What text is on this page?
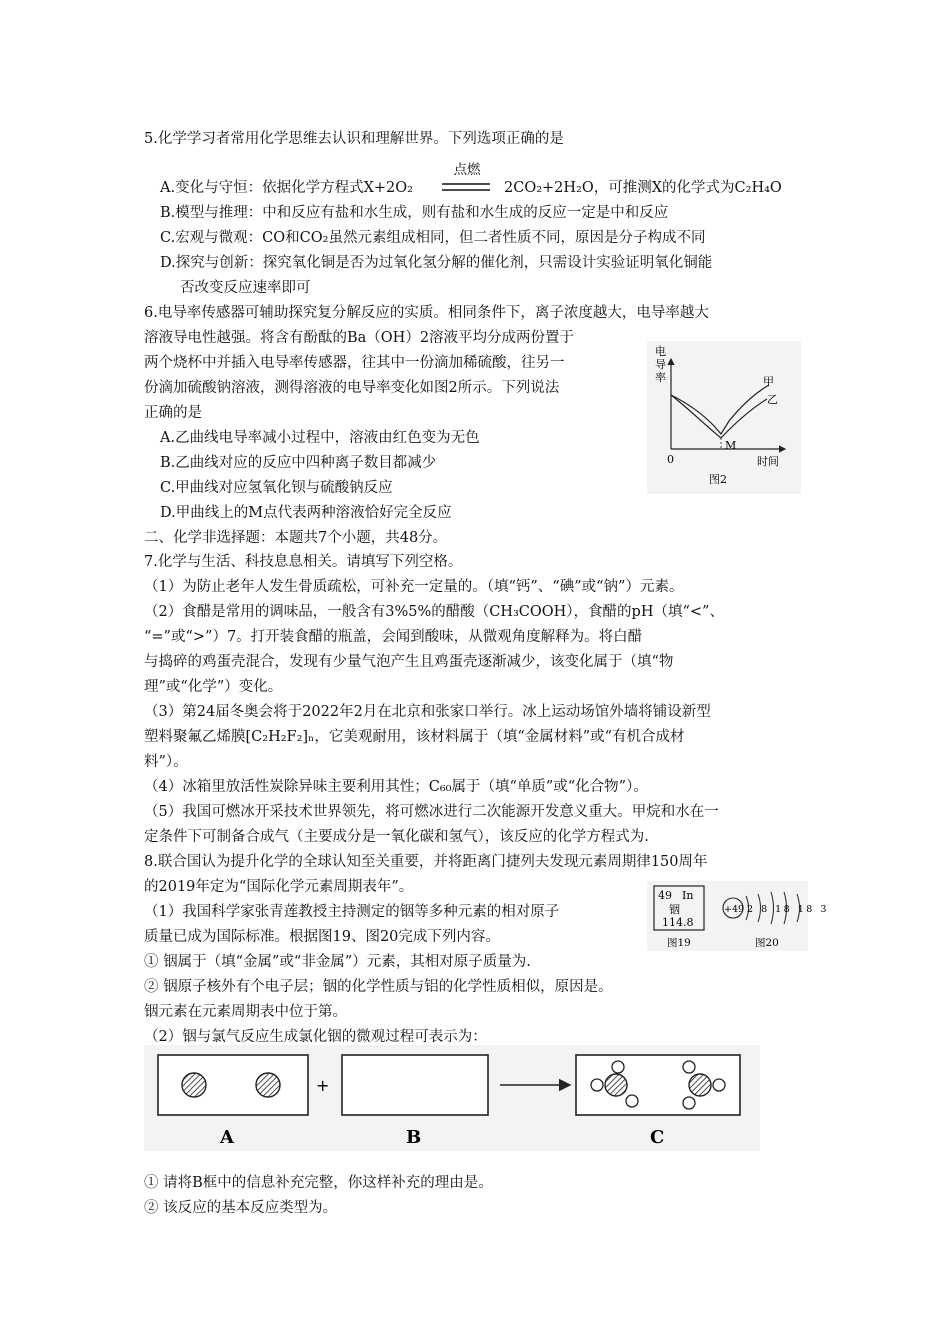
5.化学学习者常用化学思维去认识和理解世界。下列选项正确的是
点燃
A.变化与守恒：依据化学方程式X+2O₂	2CO₂+2H₂O，可推测X的化学式为C₂H₄O
B.模型与推理：中和反应有盐和水生成，则有盐和水生成的反应一定是中和反应
C.宏观与微观：CO和CO₂虽然元素组成相同，但二者性质不同，原因是分子构成不同
D.探究与创新：探究氧化铜是否为过氧化氢分解的催化剂，只需设计实验证明氧化铜能
否改变反应速率即可
6.电导率传感器可辅助探究复分解反应的实质。相同条件下，离子浓度越大，电导率越大
溶液导电性越强。将含有酚酞的Ba（OH）2溶液平均分成两份置于
两个烧杯中并插入电导率传感器，往其中一份滴加稀硫酸，往另一
份滴加硫酸钠溶液，测得溶液的电导率变化如图2所示。下列说法
正确的是
A.乙曲线电导率减小过程中，溶液由红色变为无色
B.乙曲线对应的反应中四种离子数目都减少
C.甲曲线对应氢氧化钡与硫酸钠反应
D.甲曲线上的M点代表两种溶液恰好完全反应
电
导
率	甲
乙
M
0	时间
图2
二、化学非选择题：本题共7个小题，共48分。
7.化学与生活、科技息息相关。请填写下列空格。
（1）为防止老年人发生骨质疏松，可补充一定量的。（填“钙”、“碘”或“钠”）元素。
（2）食醋是常用的调味品，一般含有3%5%的醋酸（CH₃COOH），食醋的pH（填“<”、
“=”或“>”）7。打开装食醋的瓶盖，会闻到酸味，从微观角度解释为。将白醋
与捣碎的鸡蛋壳混合，发现有少量气泡产生且鸡蛋壳逐渐减少，该变化属于（填“物
理”或“化学”）变化。
（3）第24届冬奥会将于2022年2月在北京和张家口举行。冰上运动场馆外墙将铺设新型
塑料聚氟乙烯膜[C₂H₂F₂]ₙ，它美观耐用，该材料属于（填“金属材料”或“有机合成材
料”）。
（4）冰箱里放活性炭除异味主要利用其性；C₆₀属于（填“单质”或“化合物”）。
（5）我国可燃冰开采技术世界领先，将可燃冰进行二次能源开发意义重大。甲烷和水在一
定条件下可制备合成气（主要成分是一氧化碳和氢气），该反应的化学方程式为.
8.联合国认为提升化学的全球认知至关重要，并将距离门捷列夫发现元素周期律150周年
的2019年定为“国际化学元素周期表年”。
（1）我国科学家张青莲教授主持测定的铟等多种元素的相对原子
质量已成为国际标准。根据图19、图20完成下列内容。
① 铟属于（填“金属”或“非金属”）元素，其相对原子质量为.
② 铟原子核外有个电子层；铟的化学性质与铝的化学性质相似，原因是。
铟元素在元素周期表中位于第。
（2）铟与氯气反应生成氯化铟的微观过程可表示为：
49 In
铟
114.8
图19
+49 2 8 18 18 3
图20
+
A	B	C
① 请将B框中的信息补充完整，你这样补充的理由是。
② 该反应的基本反应类型为。
